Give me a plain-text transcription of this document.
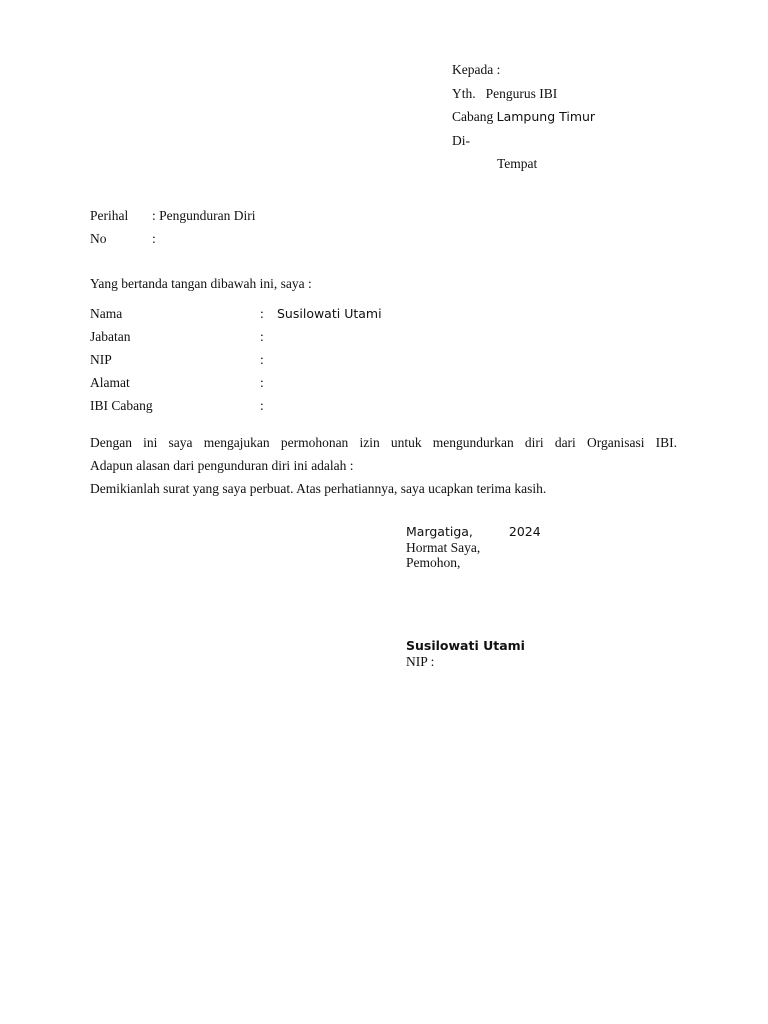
Kepada :
Yth. Pengurus IBI
Cabang Lampung Timur
Di-
Tempat
Perihal : Pengunduran Diri
No	:
Yang bertanda tangan dibawah ini, saya :
Nama	: Susilowati Utami
Jabatan	:
NIP	:
Alamat	:
IBI Cabang	:
Dengan ini saya mengajukan permohonan izin untuk mengundurkan diri dari Organisasi IBI.
Adapun alasan dari pengunduran diri ini adalah :
Demikianlah surat yang saya perbuat. Atas perhatiannya, saya ucapkan terima kasih.
Margatiga,	2024
Hormat Saya,
Pemohon,
Susilowati Utami
NIP :
